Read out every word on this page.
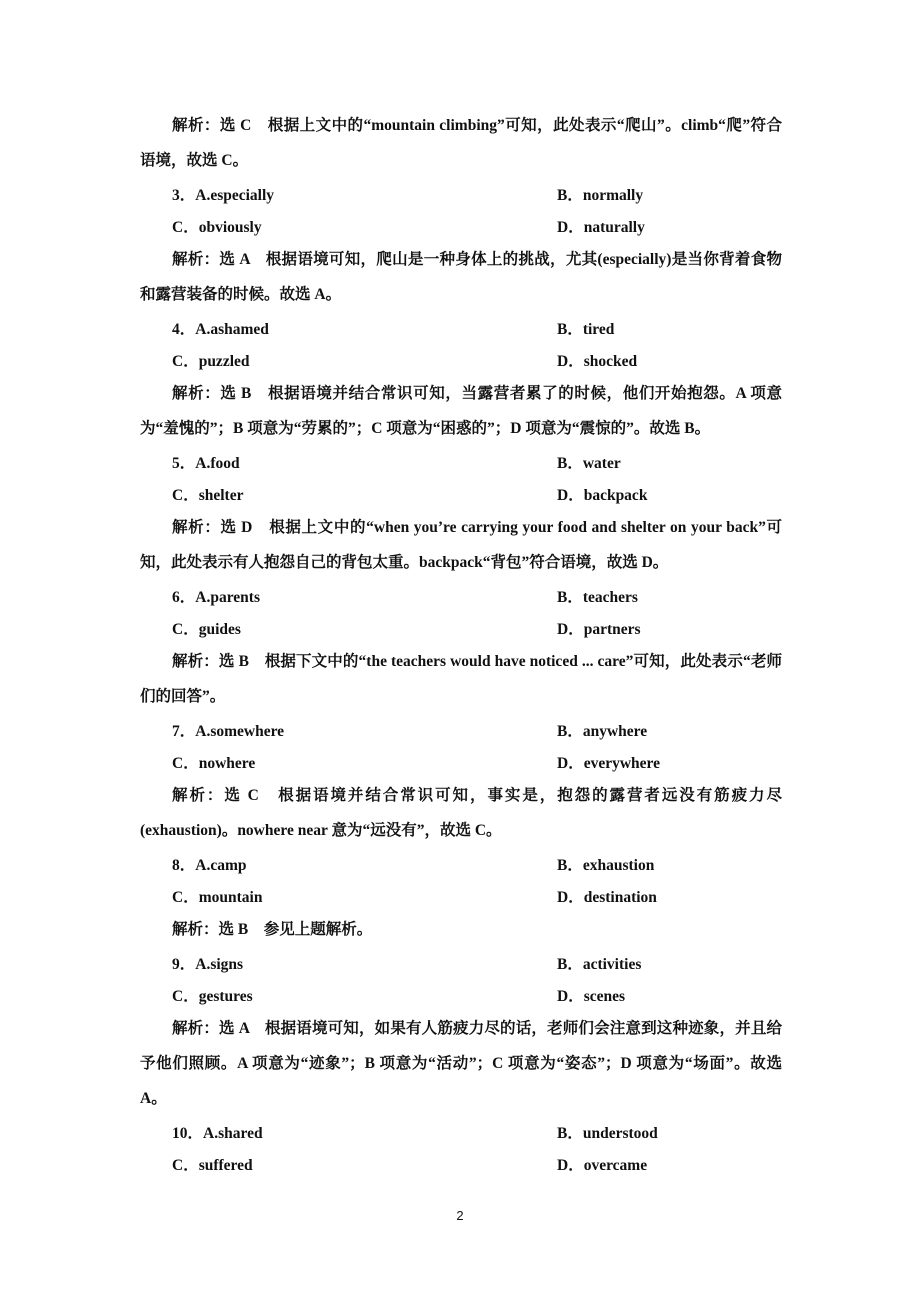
解析：选 C　根据上文中的“mountain climbing”可知，此处表示“爬山”。climb“爬”符合语境，故选 C。

3．A.especially	B．normally
C．obviously	D．naturally

解析：选 A　根据语境可知，爬山是一种身体上的挑战，尤其(especially)是当你背着食物和露营装备的时候。故选 A。

4．A.ashamed	B．tired
C．puzzled	D．shocked

解析：选 B　根据语境并结合常识可知，当露营者累了的时候，他们开始抱怨。A 项意为“羞愧的”；B 项意为“劳累的”；C 项意为“困惑的”；D 项意为“震惊的”。故选 B。

5．A.food	B．water
C．shelter	D．backpack

解析：选 D　根据上文中的“when you’re carrying your food and shelter on your back”可知，此处表示有人抱怨自己的背包太重。backpack“背包”符合语境，故选 D。

6．A.parents	B．teachers
C．guides	D．partners

解析：选 B　根据下文中的“the teachers would have noticed ... care”可知，此处表示“老师们的回答”。

7．A.somewhere	B．anywhere
C．nowhere	D．everywhere

解析：选 C　根据语境并结合常识可知，事实是，抱怨的露营者远没有筋疲力尽(exhaustion)。nowhere near 意为“远没有”，故选 C。

8．A.camp	B．exhaustion
C．mountain	D．destination

解析：选 B　参见上题解析。

9．A.signs	B．activities
C．gestures	D．scenes

解析：选 A　根据语境可知，如果有人筋疲力尽的话，老师们会注意到这种迹象，并且给予他们照顾。A 项意为“迹象”；B 项意为“活动”；C 项意为“姿态”；D 项意为“场面”。故选 A。

10．A.shared	B．understood
C．suffered	D．overcame
2
